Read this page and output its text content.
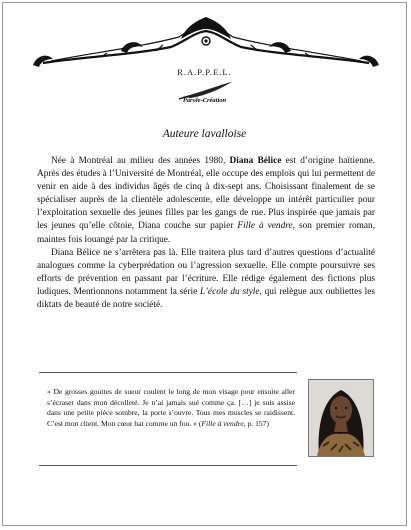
R.A.P.P.E.L.
Parole-Création
Auteure lavalloise

Née à Montréal au milieu des années 1980, Diana Bélice est d’origine haïtienne. Après des études à l’Université de Montréal, elle occupe des emplois qui lui permettent de venir en aide à des individus âgés de cinq à dix-sept ans. Choisissant finalement de se spécialiser auprès de la clientèle adolescente, elle développe un intérêt particulier pour l’exploitation sexuelle des jeunes filles par les gangs de rue. Plus inspirée que jamais par les jeunes qu’elle côtoie, Diana couche sur papier Fille à vendre, son premier roman, maintes fois louangé par la critique.

Diana Bélice ne s’arrêtera pas là. Elle traitera plus tard d’autres questions d’actualité analogues comme la cyberprédation ou l’agression sexuelle. Elle compte poursuivre ses efforts de prévention en passant par l’écriture. Elle rédige également des fictions plus ludiques. Mentionnons notamment la série L’école du style, qui relègue aux oubliettes les diktats de beauté de notre société.

« De grosses gouttes de sueur coulent le long de mon visage pour ensuite aller s’écraser dans mon décolleté. Je n’ai jamais sué comme ça. […] je suis assise dans une petite pièce sombre, la porte s’ouvre. Tous mes muscles se raidissent. C’est mon client. Mon cœur bat comme un fou. » (Fille à vendre, p. 157)
